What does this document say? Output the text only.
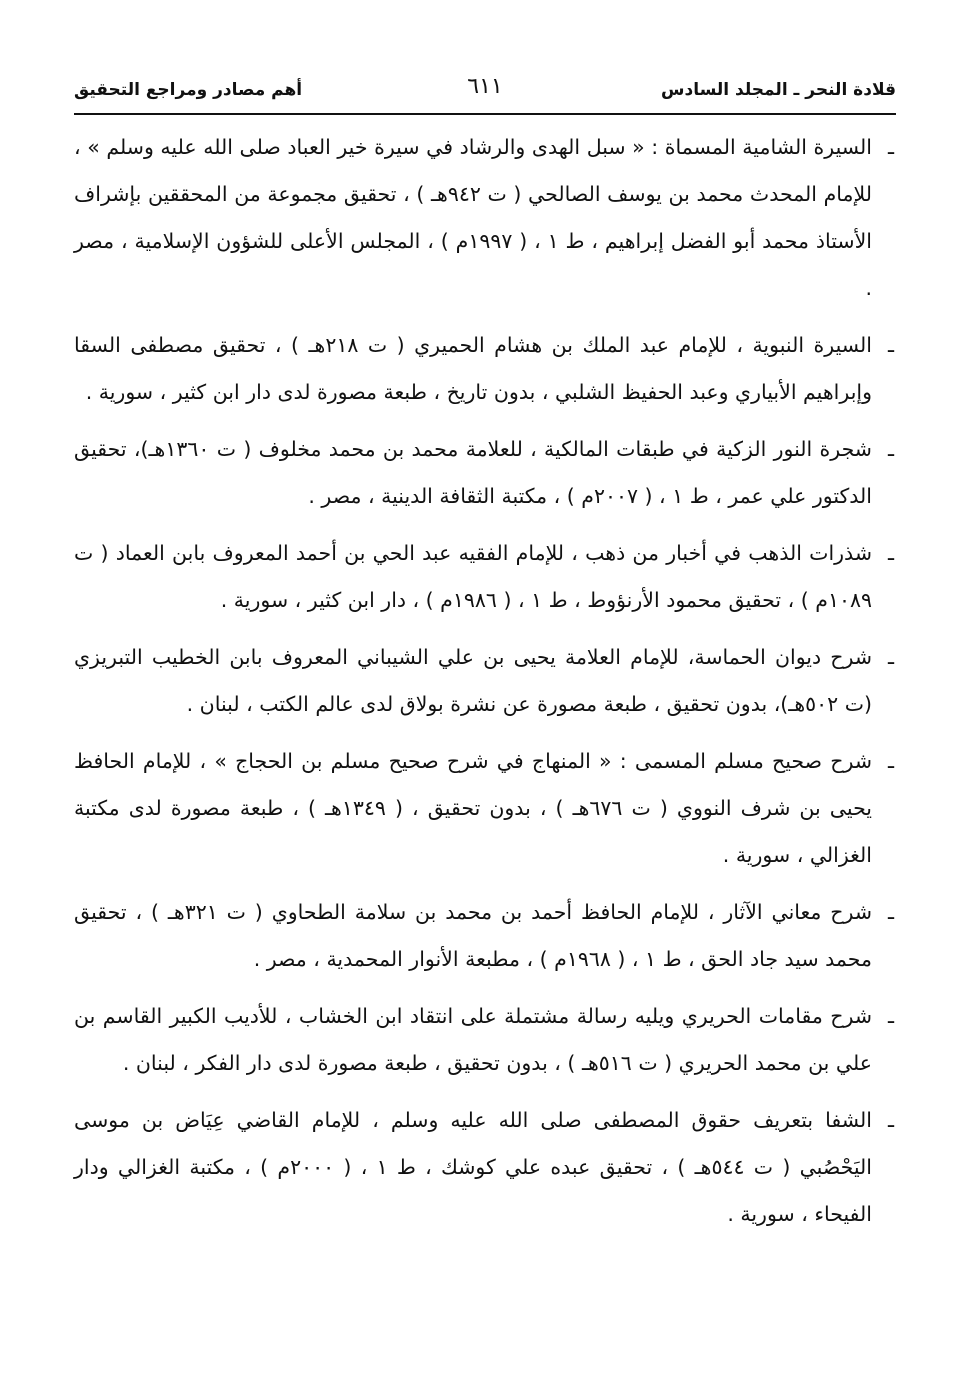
قلادة النحر ـ المجلد السادس
٦١١
أهم مصادر ومراجع التحقيق
ـ
السيرة الشامية المسماة : « سبل الهدى والرشاد في سيرة خير العباد صلى الله عليه وسلم » ، للإمام المحدث محمد بن يوسف الصالحي ( ت ٩٤٢هـ ) ، تحقيق مجموعة من المحققين بإشراف الأستاذ محمد أبو الفضل إبراهيم ، ط ١ ، ( ١٩٩٧م ) ، المجلس الأعلى للشؤون الإسلامية ، مصر .
ـ
السيرة النبوية ، للإمام عبد الملك بن هشام الحميري ( ت ٢١٨هـ ) ، تحقيق مصطفى السقا وإبراهيم الأبياري وعبد الحفيظ الشلبي ، بدون تاريخ ، طبعة مصورة لدى دار ابن كثير ، سورية .
ـ
شجرة النور الزكية في طبقات المالكية ، للعلامة محمد بن محمد مخلوف ( ت ١٣٦٠هـ)، تحقيق الدكتور علي عمر ، ط ١ ، ( ٢٠٠٧م ) ، مكتبة الثقافة الدينية ، مصر .
ـ
شذرات الذهب في أخبار من ذهب ، للإمام الفقيه عبد الحي بن أحمد المعروف بابن العماد ( ت ١٠٨٩م ) ، تحقيق محمود الأرنؤوط ، ط ١ ، ( ١٩٨٦م ) ، دار ابن كثير ، سورية .
ـ
شرح ديوان الحماسة، للإمام العلامة يحيى بن علي الشيباني المعروف بابن الخطيب التبريزي (ت ٥٠٢هـ)، بدون تحقيق ، طبعة مصورة عن نشرة بولاق لدى عالم الكتب ، لبنان .
ـ
شرح صحيح مسلم المسمى : « المنهاج في شرح صحيح مسلم بن الحجاج » ، للإمام الحافظ يحيى بن شرف النووي ( ت ٦٧٦هـ ) ، بدون تحقيق ، ( ١٣٤٩هـ ) ، طبعة مصورة لدى مكتبة الغزالي ، سورية .
ـ
شرح معاني الآثار ، للإمام الحافظ أحمد بن محمد بن سلامة الطحاوي ( ت ٣٢١هـ ) ، تحقيق محمد سيد جاد الحق ، ط ١ ، ( ١٩٦٨م ) ، مطبعة الأنوار المحمدية ، مصر .
ـ
شرح مقامات الحريري ويليه رسالة مشتملة على انتقاد ابن الخشاب ، للأديب الكبير القاسم بن علي بن محمد الحريري ( ت ٥١٦هـ ) ، بدون تحقيق ، طبعة مصورة لدى دار الفكر ، لبنان .
ـ
الشفا بتعريف حقوق المصطفى صلى الله عليه وسلم ، للإمام القاضي عِيَاض بن موسى اليَحْصُبي ( ت ٥٤٤هـ ) ، تحقيق عبده علي كوشك ، ط ١ ، ( ٢٠٠٠م ) ، مكتبة الغزالي ودار الفيحاء ، سورية .
